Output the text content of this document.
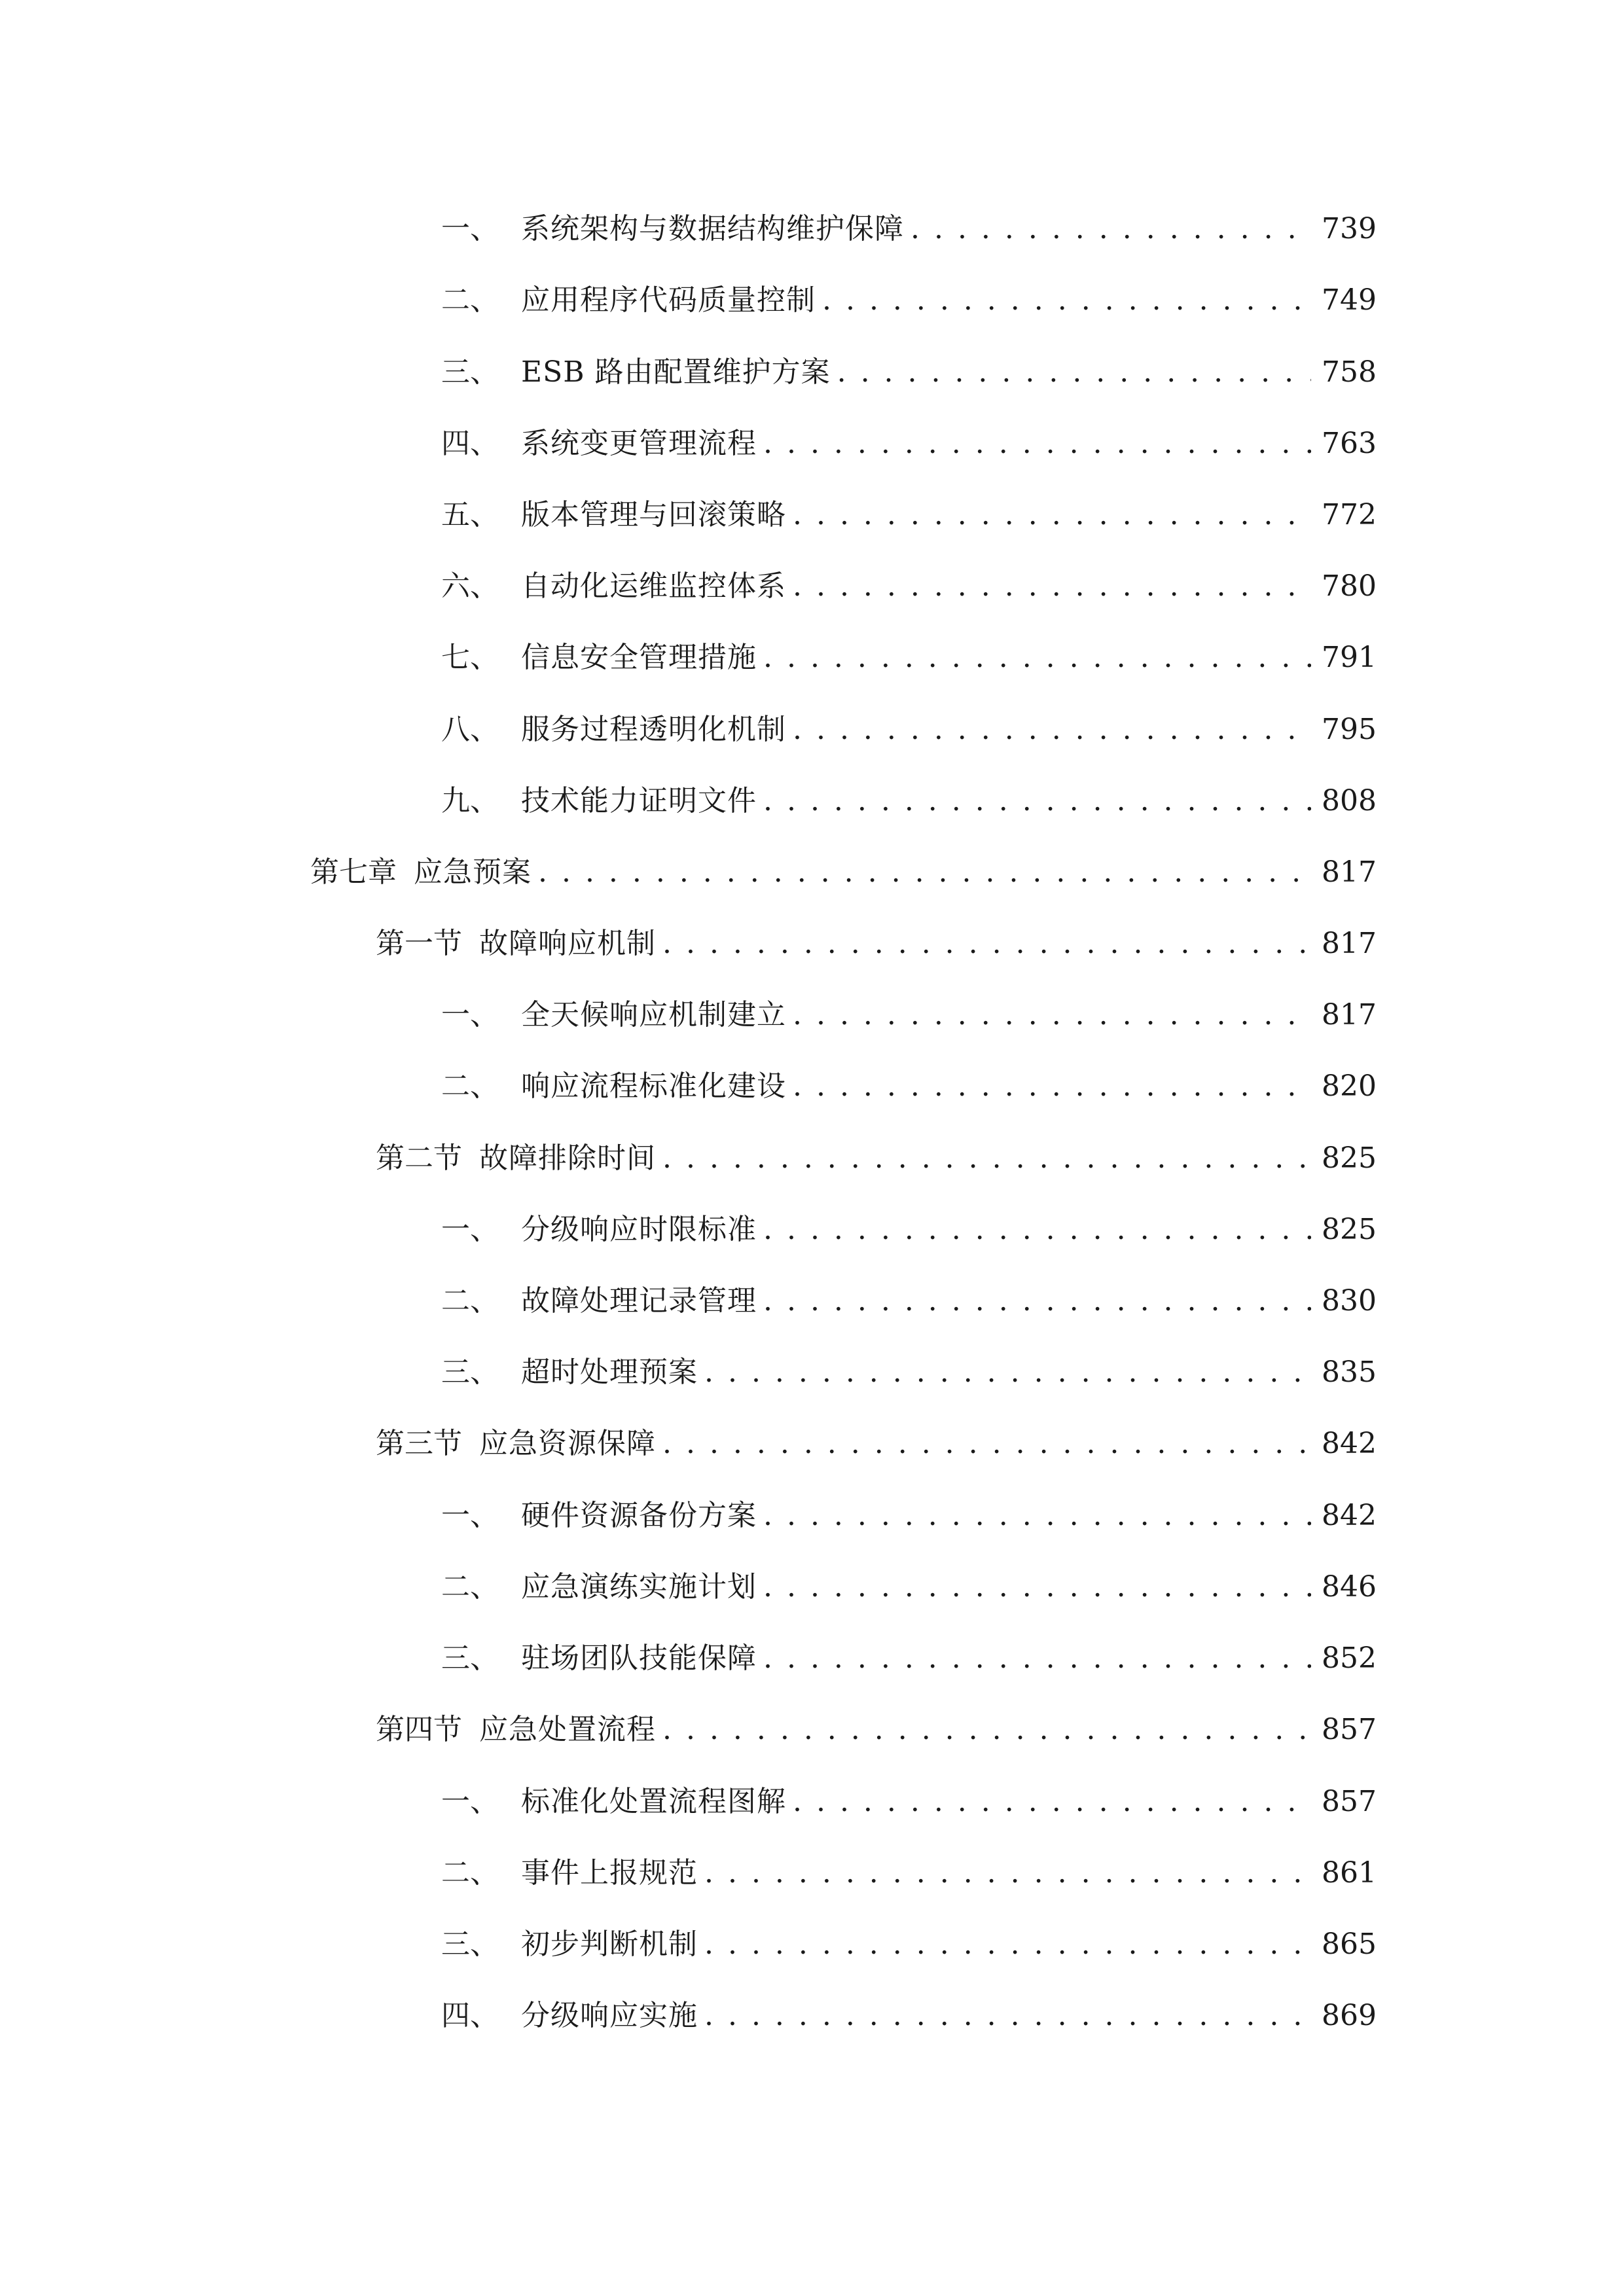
一、 系统架构与数据结构维护保障 . . .	739
二、 应用程序代码质量控制 . . .	749
三、 ESB 路由配置维护方案 . . .	758
四、 系统变更管理流程 . . .	763
五、 版本管理与回滚策略 . . .	772
六、 自动化运维监控体系 . . .	780
七、 信息安全管理措施 . . .	791
八、 服务过程透明化机制 . . .	795
九、 技术能力证明文件 . . .	808
第七章 应急预案 . . .	817
第一节 故障响应机制 . . .	817
一、 全天候响应机制建立 . . .	817
二、 响应流程标准化建设 . . .	820
第二节 故障排除时间 . . .	825
一、 分级响应时限标准 . . .	825
二、 故障处理记录管理 . . .	830
三、 超时处理预案 . . .	835
第三节 应急资源保障 . . .	842
一、 硬件资源备份方案 . . .	842
二、 应急演练实施计划 . . .	846
三、 驻场团队技能保障 . . .	852
第四节 应急处置流程 . . .	857
一、 标准化处置流程图解 . . .	857
二、 事件上报规范 . . .	861
三、 初步判断机制 . . .	865
四、 分级响应实施 . . .	869
